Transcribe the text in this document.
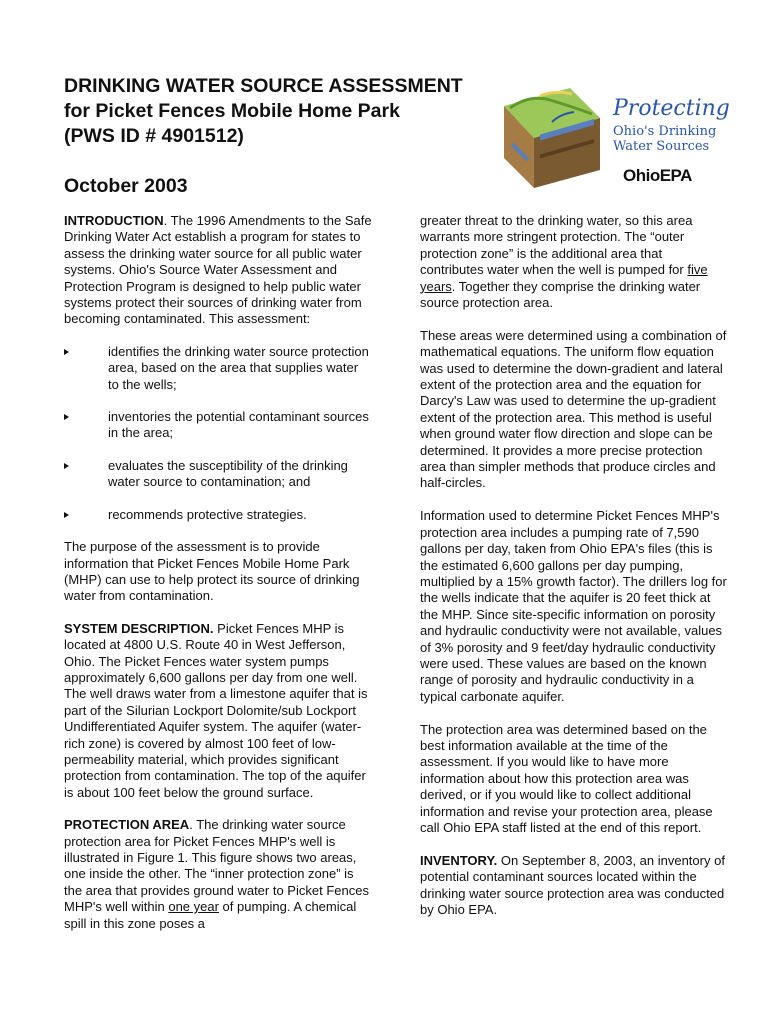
DRINKING WATER SOURCE ASSESSMENT
for Picket Fences Mobile Home Park
(PWS ID # 4901512)
October 2003
Protecting
Ohio's Drinking
Water Sources
OhioEPA

INTRODUCTION. The 1996 Amendments to the Safe Drinking Water Act establish a program for states to assess the drinking water source for all public water systems. Ohio's Source Water Assessment and Protection Program is designed to help public water systems protect their sources of drinking water from becoming contaminated. This assessment:

identifies the drinking water source protection area, based on the area that supplies water to the wells;
inventories the potential contaminant sources in the area;
evaluates the susceptibility of the drinking water source to contamination; and
recommends protective strategies.

The purpose of the assessment is to provide information that Picket Fences Mobile Home Park (MHP) can use to help protect its source of drinking water from contamination.

SYSTEM DESCRIPTION. Picket Fences MHP is located at 4800 U.S. Route 40 in West Jefferson, Ohio. The Picket Fences water system pumps approximately 6,600 gallons per day from one well. The well draws water from a limestone aquifer that is part of the Silurian Lockport Dolomite/sub Lockport Undifferentiated Aquifer system. The aquifer (water-rich zone) is covered by almost 100 feet of low-permeability material, which provides significant protection from contamination. The top of the aquifer is about 100 feet below the ground surface.

PROTECTION AREA. The drinking water source protection area for Picket Fences MHP's well is illustrated in Figure 1. This figure shows two areas, one inside the other. The “inner protection zone” is the area that provides ground water to Picket Fences MHP's well within one year of pumping. A chemical spill in this zone poses a

greater threat to the drinking water, so this area warrants more stringent protection. The “outer protection zone” is the additional area that contributes water when the well is pumped for five years. Together they comprise the drinking water source protection area.

These areas were determined using a combination of mathematical equations. The uniform flow equation was used to determine the down-gradient and lateral extent of the protection area and the equation for Darcy's Law was used to determine the up-gradient extent of the protection area. This method is useful when ground water flow direction and slope can be determined. It provides a more precise protection area than simpler methods that produce circles and half-circles.

Information used to determine Picket Fences MHP's protection area includes a pumping rate of 7,590 gallons per day, taken from Ohio EPA's files (this is the estimated 6,600 gallons per day pumping, multiplied by a 15% growth factor). The drillers log for the wells indicate that the aquifer is 20 feet thick at the MHP. Since site-specific information on porosity and hydraulic conductivity were not available, values of 3% porosity and 9 feet/day hydraulic conductivity were used. These values are based on the known range of porosity and hydraulic conductivity in a typical carbonate aquifer.

The protection area was determined based on the best information available at the time of the assessment. If you would like to have more information about how this protection area was derived, or if you would like to collect additional information and revise your protection area, please call Ohio EPA staff listed at the end of this report.

INVENTORY. On September 8, 2003, an inventory of potential contaminant sources located within the drinking water source protection area was conducted by Ohio EPA.
